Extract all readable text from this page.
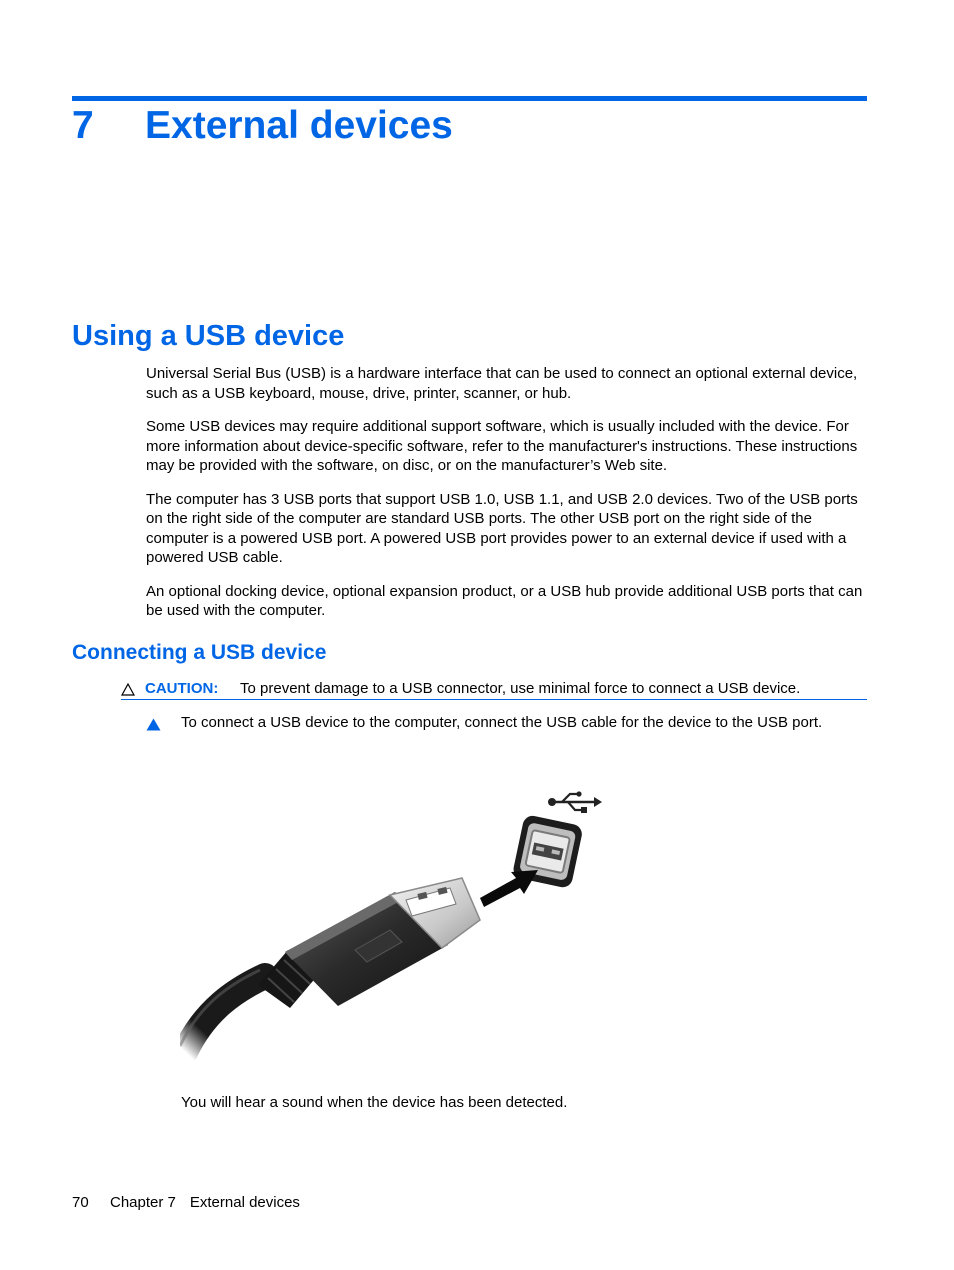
7 External devices
Using a USB device

Universal Serial Bus (USB) is a hardware interface that can be used to connect an optional external device, such as a USB keyboard, mouse, drive, printer, scanner, or hub.

Some USB devices may require additional support software, which is usually included with the device. For more information about device-specific software, refer to the manufacturer's instructions. These instructions may be provided with the software, on disc, or on the manufacturer’s Web site.

The computer has 3 USB ports that support USB 1.0, USB 1.1, and USB 2.0 devices. Two of the USB ports on the right side of the computer are standard USB ports. The other USB port on the right side of the computer is a powered USB port. A powered USB port provides power to an external device if used with a powered USB cable.

An optional docking device, optional expansion product, or a USB hub provide additional USB ports that can be used with the computer.

Connecting a USB device
CAUTION: To prevent damage to a USB connector, use minimal force to connect a USB device.
To connect a USB device to the computer, connect the USB cable for the device to the USB port.
You will hear a sound when the device has been detected.
70 Chapter 7 External devices
